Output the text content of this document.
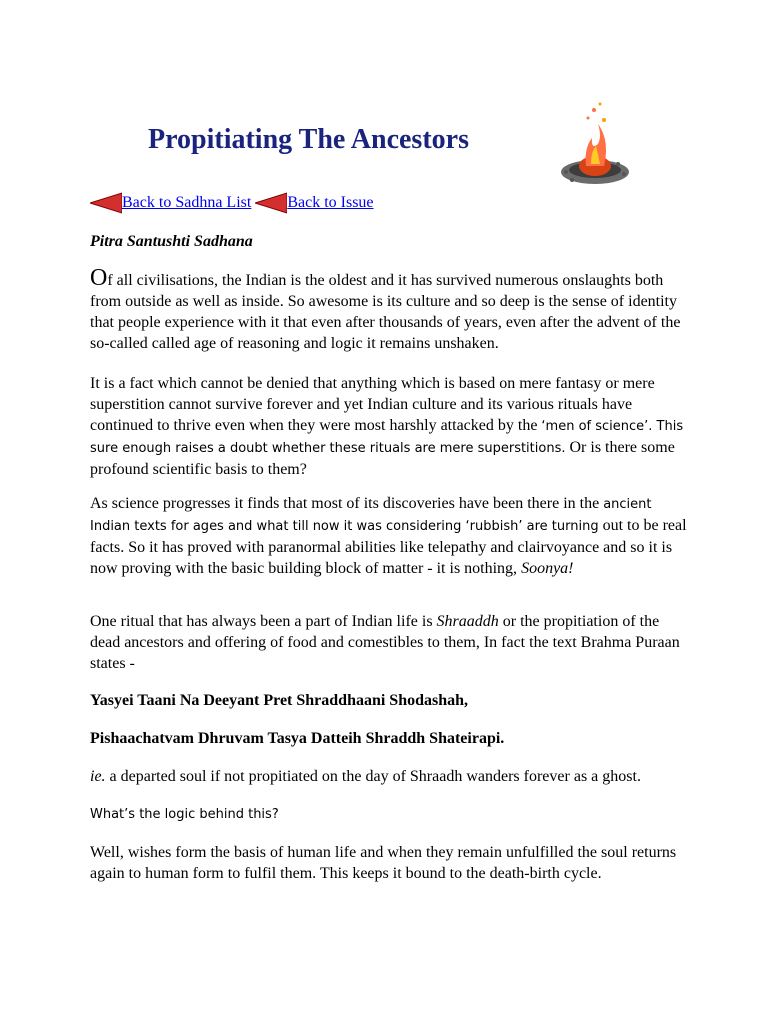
Propitiating The Ancestors
Back to Sadhna List Back to Issue

Pitra Santushti Sadhana

Of all civilisations, the Indian is the oldest and it has survived numerous onslaughts both from outside as well as inside. So awesome is its culture and so deep is the sense of identity that people experience with it that even after thousands of years, even after the advent of the so-called called age of reasoning and logic it remains unshaken.

It is a fact which cannot be denied that anything which is based on mere fantasy or mere superstition cannot survive forever and yet Indian culture and its various rituals have continued to thrive even when they were most harshly attacked by the ‘men of science’. This sure enough raises a doubt whether these rituals are mere superstitions. Or is there some profound scientific basis to them?

As science progresses it finds that most of its discoveries have been there in the ancient Indian texts for ages and what till now it was considering ‘rubbish’ are turning out to be real facts. So it has proved with paranormal abilities like telepathy and clairvoyance and so it is now proving with the basic building block of matter - it is nothing, Soonya!

One ritual that has always been a part of Indian life is Shraaddh or the propitiation of the dead ancestors and offering of food and comestibles to them, In fact the text Brahma Puraan states -

Yasyei Taani Na Deeyant Pret Shraddhaani Shodashah,

Pishaachatvam Dhruvam Tasya Datteih Shraddh Shateirapi.

ie. a departed soul if not propitiated on the day of Shraadh wanders forever as a ghost.

What’s the logic behind this?

Well, wishes form the basis of human life and when they remain unfulfilled the soul returns again to human form to fulfil them. This keeps it bound to the death-birth cycle.
